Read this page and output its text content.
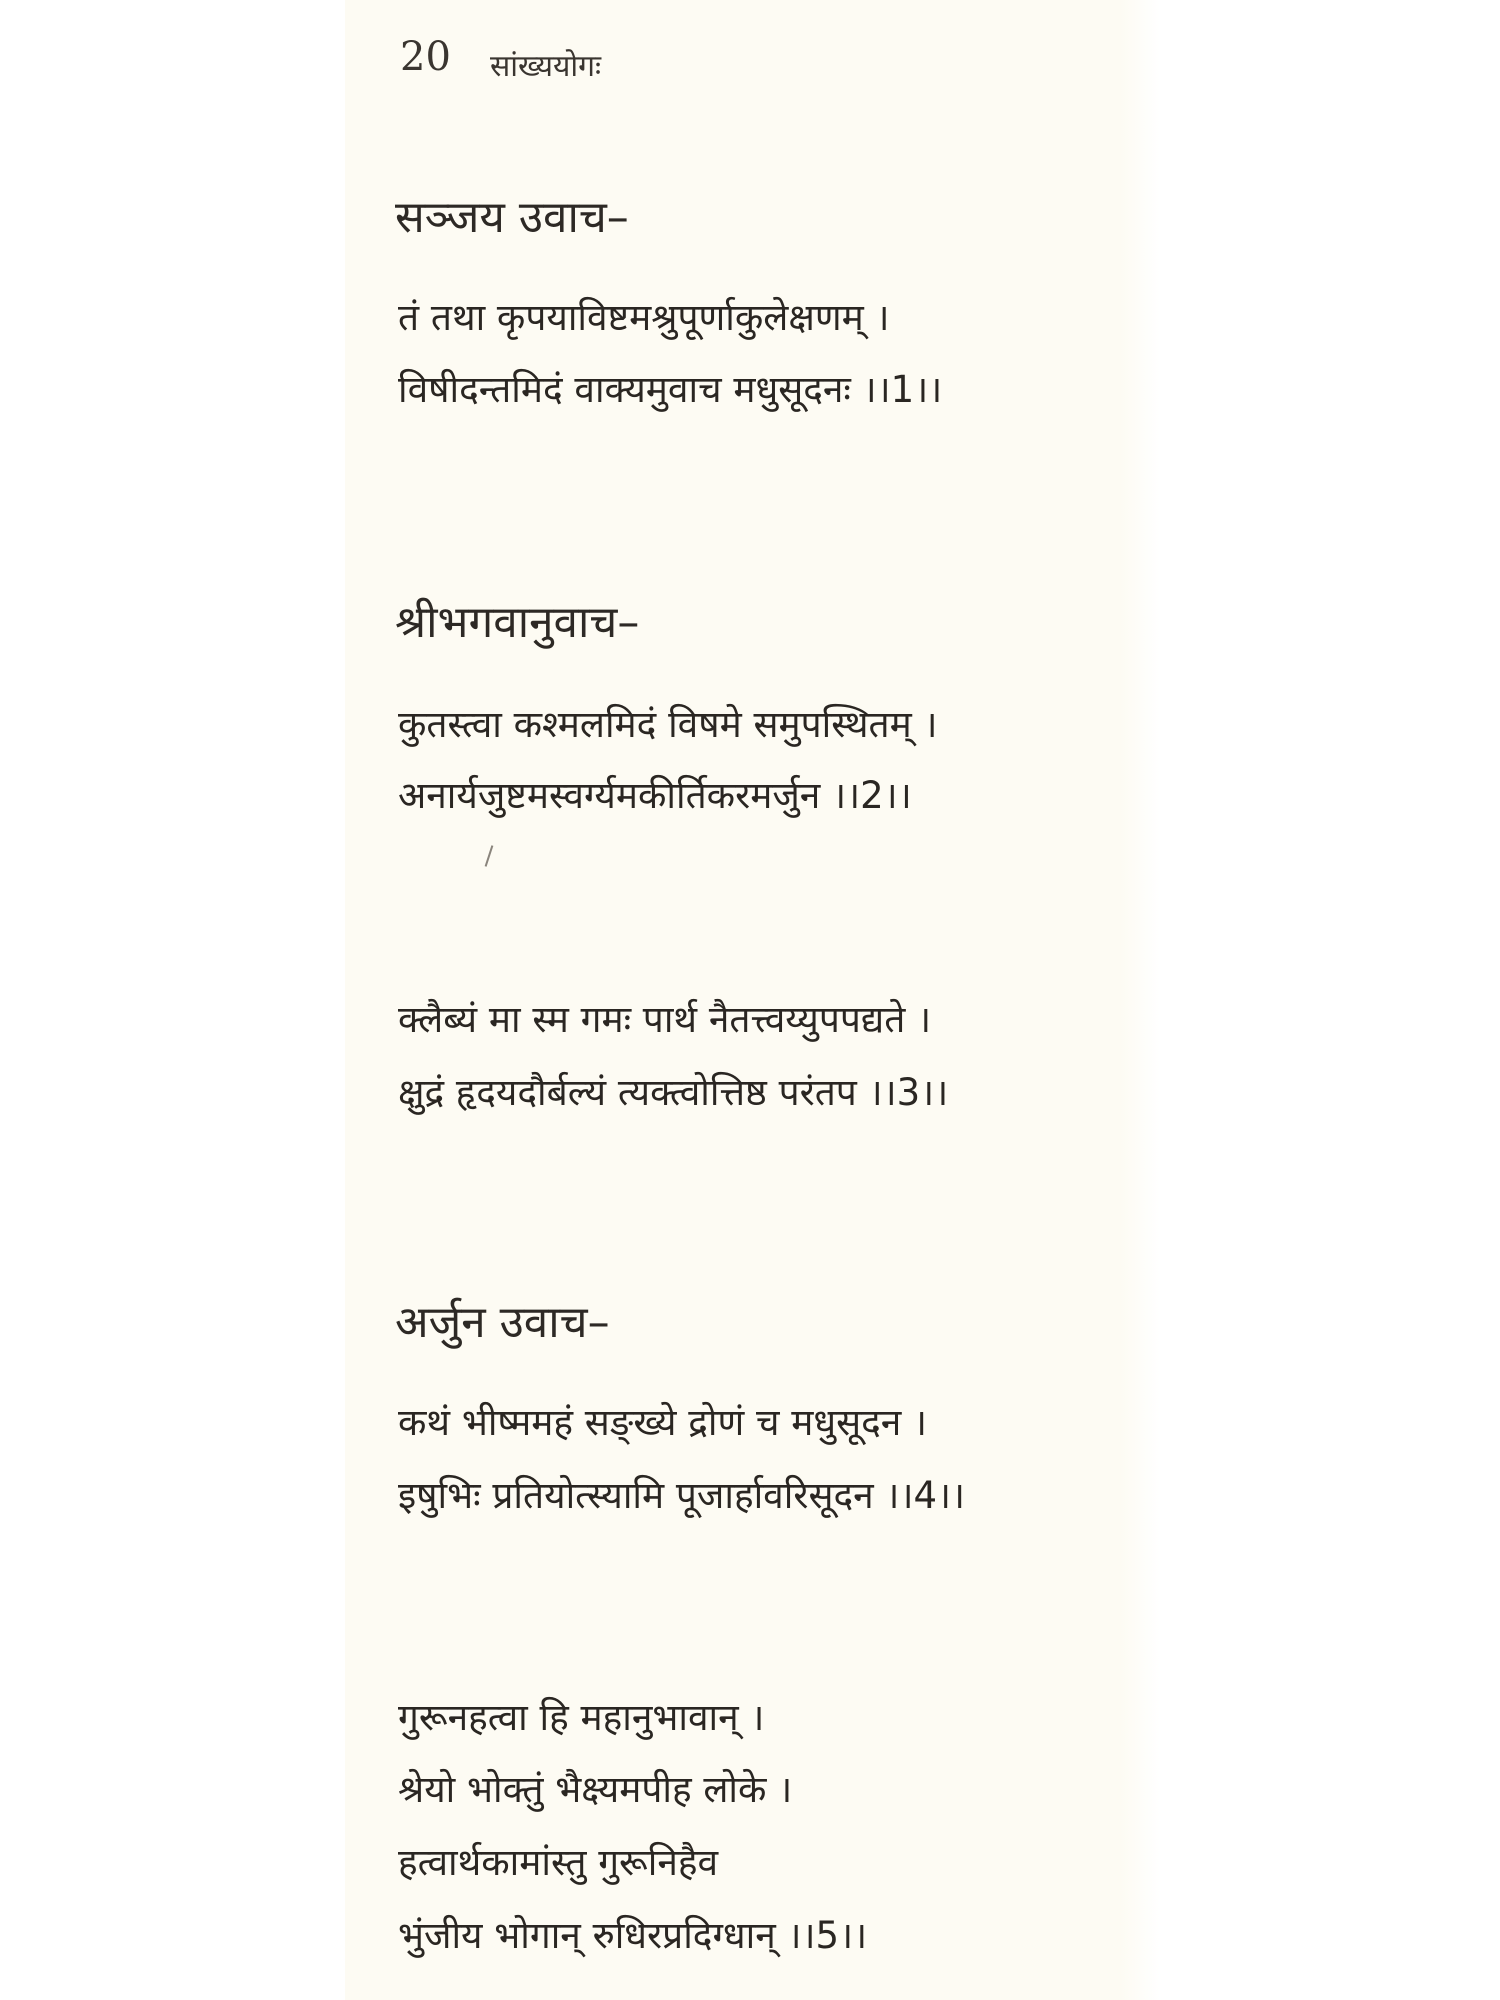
20 सांख्ययोगः
सञ्जय उवाच–
तं तथा कृपयाविष्टमश्रुपूर्णाकुलेक्षणम् ।
विषीदन्तमिदं वाक्यमुवाच मधुसूदनः ।।1।।
श्रीभगवानुवाच–
कुतस्त्वा कश्मलमिदं विषमे समुपस्थितम् ।
अनार्यजुष्टमस्वर्ग्यमकीर्तिकरमर्जुन ।।2।।
क्लैब्यं मा स्म गमः पार्थ नैतत्त्वय्युपपद्यते ।
क्षुद्रं हृदयदौर्बल्यं त्यक्त्वोत्तिष्ठ परंतप ।।3।।
अर्जुन उवाच–
कथं भीष्ममहं सङ्ख्ये द्रोणं च मधुसूदन ।
इषुभिः प्रतियोत्स्यामि पूजार्हावरिसूदन ।।4।।
गुरूनहत्वा हि महानुभावान् ।
श्रेयो भोक्तुं भैक्ष्यमपीह लोके ।
हत्वार्थकामांस्तु गुरूनिहैव
भुंजीय भोगान् रुधिरप्रदिग्धान् ।।5।।
